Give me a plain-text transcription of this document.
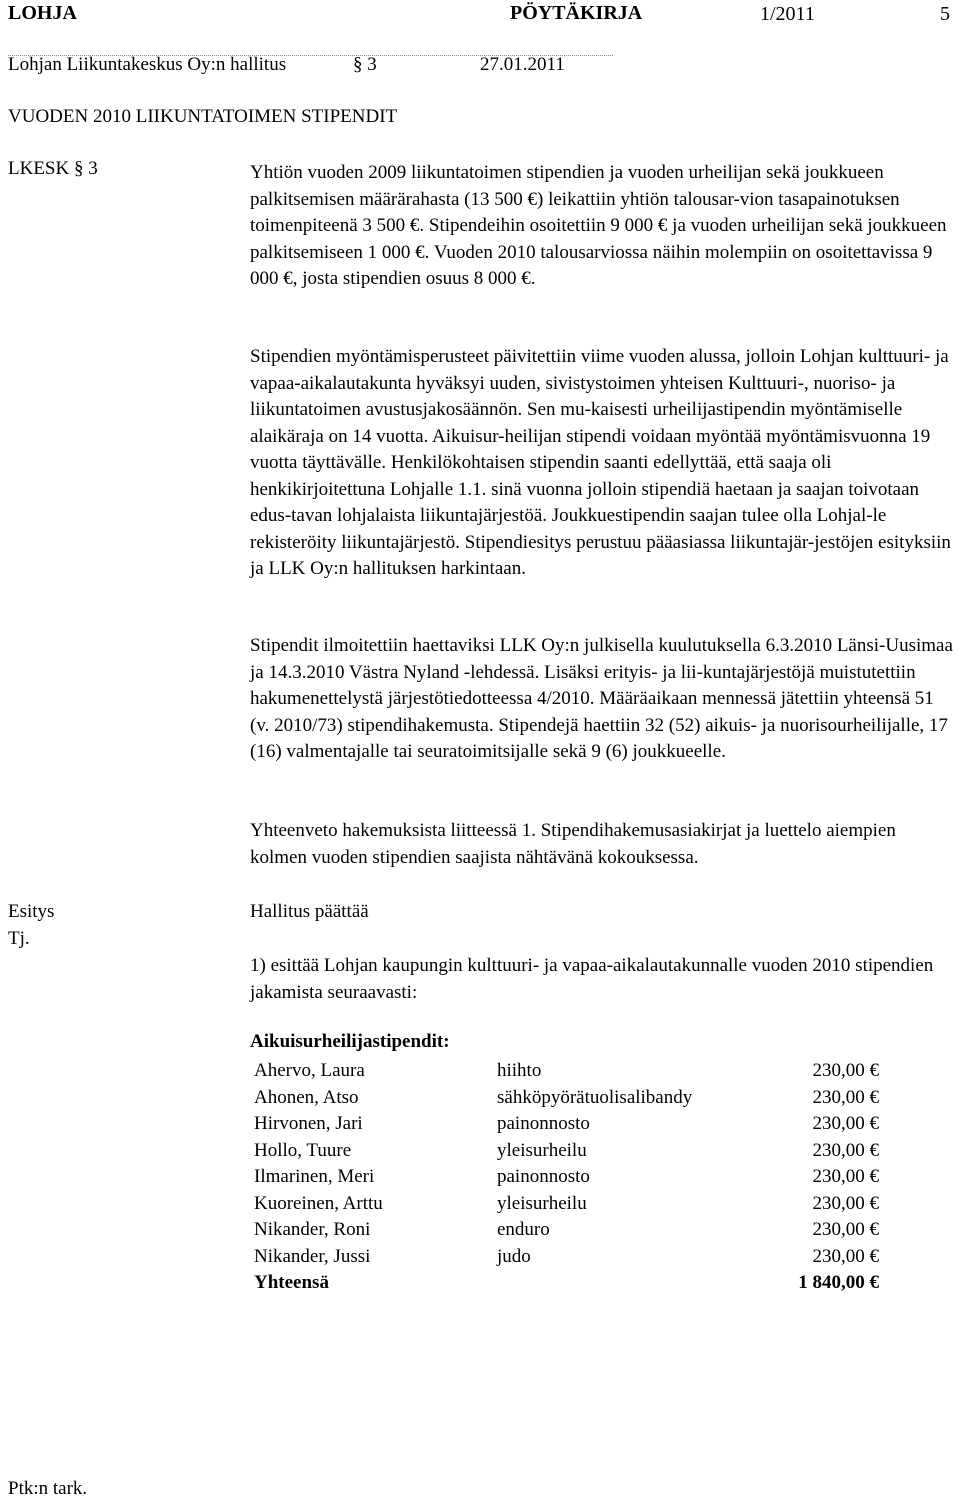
LOHJA	PÖYTÄKIRJA	1/2011	5
Lohjan Liikuntakeskus Oy:n hallitus	§ 3	27.01.2011
VUODEN 2010 LIIKUNTATOIMEN STIPENDIT
LKESK § 3	Yhtiön vuoden 2009 liikuntatoimen stipendien ja vuoden urheilijan sekä joukkueen palkitsemisen määrärahasta (13 500 €) leikattiin yhtiön talousar-vion tasapainotuksen toimenpiteenä 3 500 €. Stipendeihin osoitettiin 9 000 € ja vuoden urheilijan sekä joukkueen palkitsemiseen 1 000 €. Vuoden 2010 talousarviossa näihin molempiin on osoitettavissa 9 000 €, josta stipendien osuus 8 000 €.
Stipendien myöntämisperusteet päivitettiin viime vuoden alussa, jolloin Lohjan kulttuuri- ja vapaa-aikalautakunta hyväksyi uuden, sivistystoimen yhteisen Kulttuuri-, nuoriso- ja liikuntatoimen avustusjakosäännön. Sen mu-kaisesti urheilijastipendin myöntämiselle alaikäraja on 14 vuotta. Aikuisur-heilijan stipendi voidaan myöntää myöntämisvuonna 19 vuotta täyttävälle. Henkilökohtaisen stipendin saanti edellyttää, että saaja oli henkikirjoitettuna Lohjalle 1.1. sinä vuonna jolloin stipendiä haetaan ja saajan toivotaan edus-tavan lohjalaista liikuntajärjestöä. Joukkuestipendin saajan tulee olla Lohjal-le rekisteröity liikuntajärjestö. Stipendiesitys perustuu pääasiassa liikuntajär-jestöjen esityksiin ja LLK Oy:n hallituksen harkintaan.
Stipendit ilmoitettiin haettaviksi LLK Oy:n julkisella kuulutuksella 6.3.2010 Länsi-Uusimaa ja 14.3.2010 Västra Nyland -lehdessä. Lisäksi erityis- ja lii-kuntajärjestöjä muistutettiin hakumenettelystä järjestötiedotteessa 4/2010. Määräaikaan mennessä jätettiin yhteensä 51 (v. 2010/73) stipendihakemusta. Stipendejä haettiin 32 (52) aikuis- ja nuorisourheilijalle, 17 (16) valmentajalle tai seuratoimitsijalle sekä 9 (6) joukkueelle.
Yhteenveto hakemuksista liitteessä 1. Stipendihakemusasiakirjat ja luettelo aiempien kolmen vuoden stipendien saajista nähtävänä kokouksessa.
Esitys
Tj.
Hallitus päättää
1) esittää Lohjan kaupungin kulttuuri- ja vapaa-aikalautakunnalle vuoden 2010 stipendien jakamista seuraavasti:
Aikuisurheilijastipendit:
Ahervo, Laura	hiihto	230,00 €
Ahonen, Atso	sähköpyörätuolisalibandy	230,00 €
Hirvonen, Jari	painonnosto	230,00 €
Hollo, Tuure	yleisurheilu	230,00 €
Ilmarinen, Meri	painonnosto	230,00 €
Kuoreinen, Arttu	yleisurheilu	230,00 €
Nikander, Roni	enduro	230,00 €
Nikander, Jussi	judo	230,00 €
Yhteensä	1 840,00 €
Ptk:n tark.
